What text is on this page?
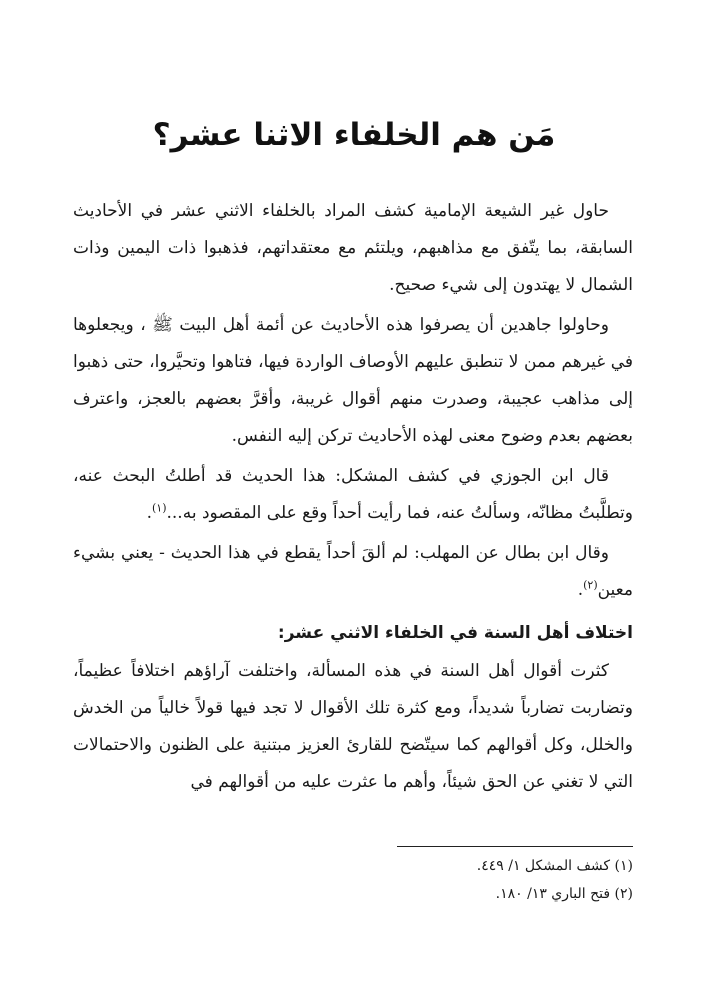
مَن هم الخلفاء الاثنا عشر؟

حاول غير الشيعة الإمامية كشف المراد بالخلفاء الاثني عشر في الأحاديث السابقة، بما يتّفق مع مذاهبهم، ويلتئم مع معتقداتهم، فذهبوا ذات اليمين وذات الشمال لا يهتدون إلى شيء صحيح.

وحاولوا جاهدين أن يصرفوا هذه الأحاديث عن أئمة أهل البيت ﷺ ، ويجعلوها في غيرهم ممن لا تنطبق عليهم الأوصاف الواردة فيها، فتاهوا وتحيَّروا، حتى ذهبوا إلى مذاهب عجيبة، وصدرت منهم أقوال غريبة، وأقرَّ بعضهم بالعجز، واعترف بعضهم بعدم وضوح معنى لهذه الأحاديث تركن إليه النفس.

قال ابن الجوزي في كشف المشكل: هذا الحديث قد أطلتُ البحث عنه، وتطلَّبتُ مظانّه، وسألتُ عنه، فما رأيت أحداً وقع على المقصود به...$^{(١)}$.

وقال ابن بطال عن المهلب: لم ألقَ أحداً يقطع في هذا الحديث - يعني بشيء معين$^{(٢)}$.

اختلاف أهل السنة في الخلفاء الاثني عشر:

كثرت أقوال أهل السنة في هذه المسألة، واختلفت آراؤهم اختلافاً عظيماً، وتضاربت تضارباً شديداً، ومع كثرة تلك الأقوال لا تجد فيها قولاً خالياً من الخدش والخلل، وكل أقوالهم كما سيتّضح للقارئ العزيز مبتنية على الظنون والاحتمالات التي لا تغني عن الحق شيئاً، وأهم ما عثرت عليه من أقوالهم في

(١) كشف المشكل ١/ ٤٤٩.

(٢) فتح الباري ١٣/ ١٨٠.
